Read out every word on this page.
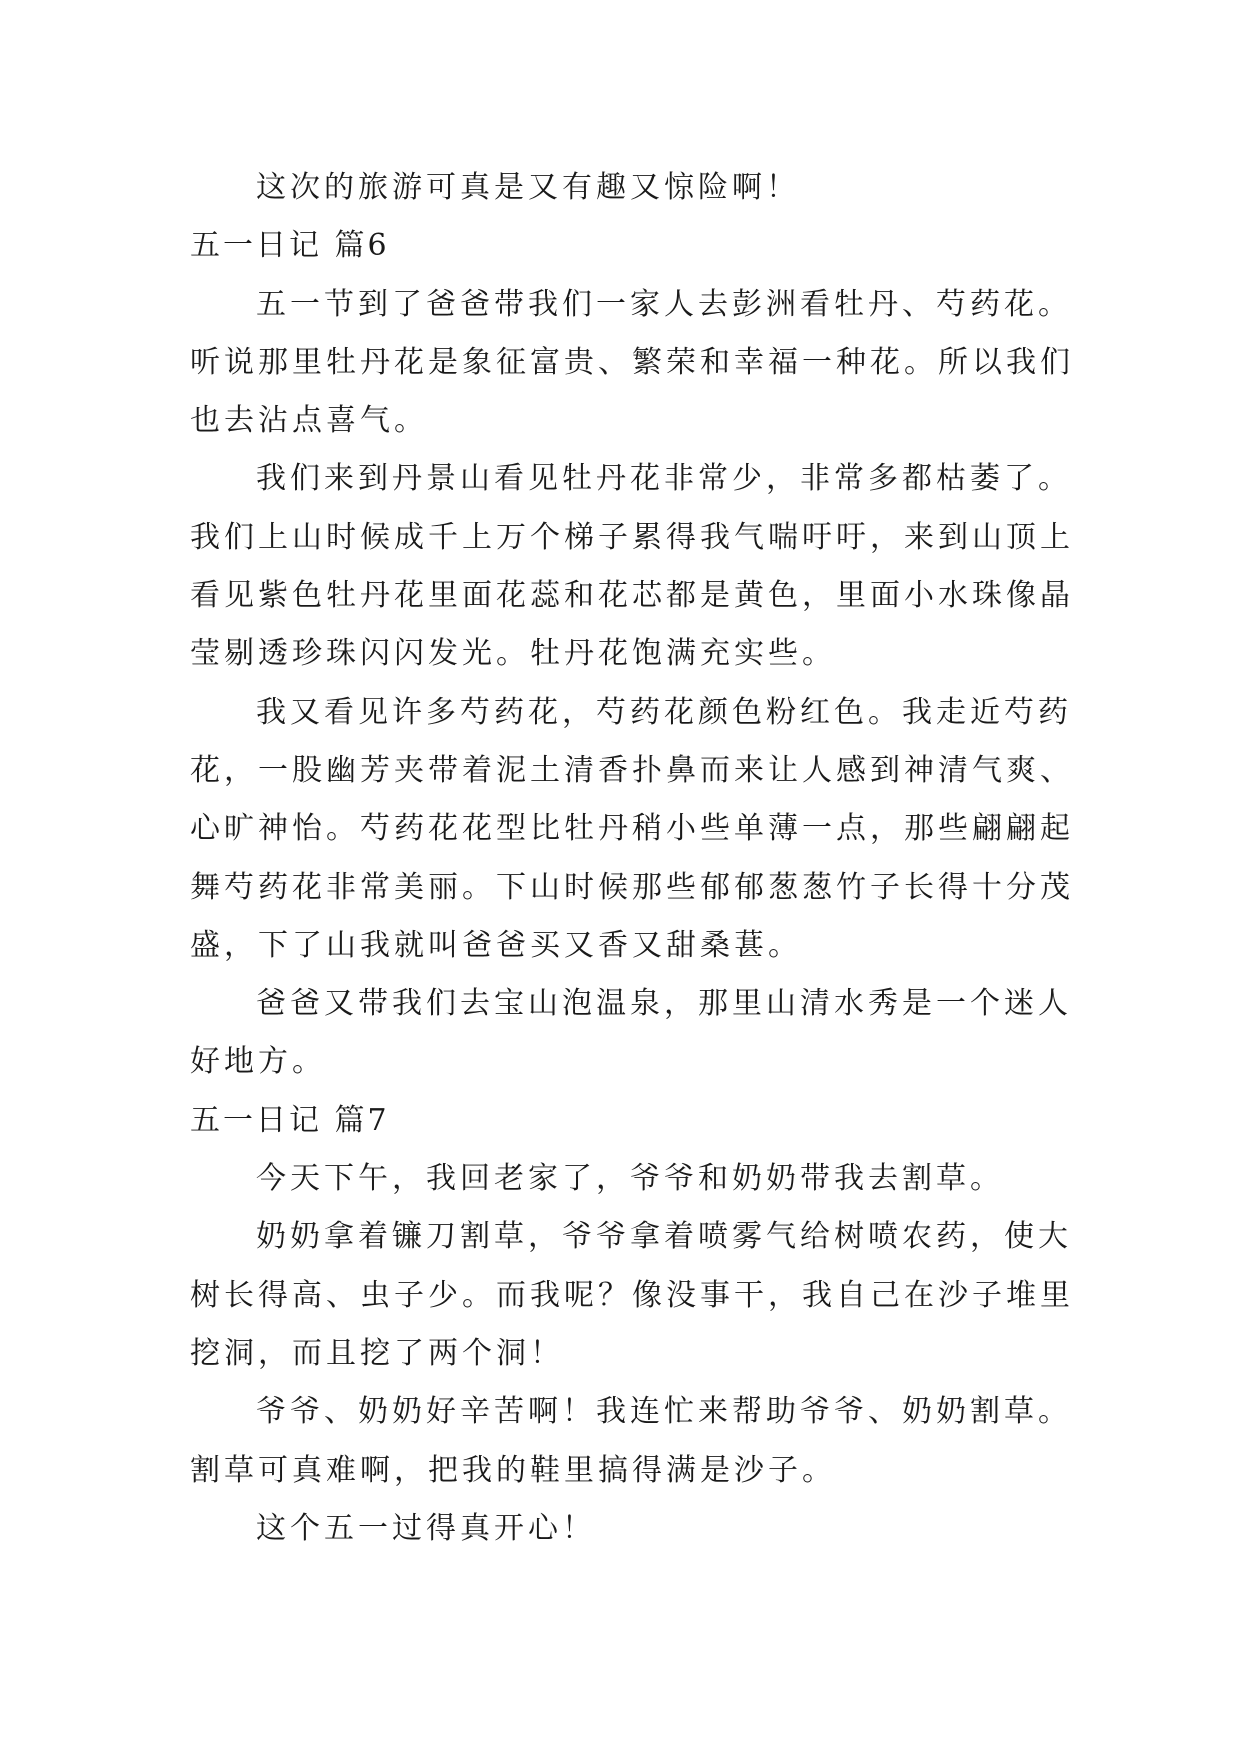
这次的旅游可真是又有趣又惊险啊！
五一日记 篇6
五一节到了爸爸带我们一家人去彭洲看牡丹、芍药花。
听说那里牡丹花是象征富贵、繁荣和幸福一种花。所以我们
也去沾点喜气。
我们来到丹景山看见牡丹花非常少，非常多都枯萎了。
我们上山时候成千上万个梯子累得我气喘吁吁，来到山顶上
看见紫色牡丹花里面花蕊和花芯都是黄色，里面小水珠像晶
莹剔透珍珠闪闪发光。牡丹花饱满充实些。
我又看见许多芍药花，芍药花颜色粉红色。我走近芍药
花，一股幽芳夹带着泥土清香扑鼻而来让人感到神清气爽、
心旷神怡。芍药花花型比牡丹稍小些单薄一点，那些翩翩起
舞芍药花非常美丽。下山时候那些郁郁葱葱竹子长得十分茂
盛，下了山我就叫爸爸买又香又甜桑葚。
爸爸又带我们去宝山泡温泉，那里山清水秀是一个迷人
好地方。
五一日记 篇7
今天下午，我回老家了，爷爷和奶奶带我去割草。
奶奶拿着镰刀割草，爷爷拿着喷雾气给树喷农药，使大
树长得高、虫子少。而我呢？像没事干，我自己在沙子堆里
挖洞，而且挖了两个洞！
爷爷、奶奶好辛苦啊！我连忙来帮助爷爷、奶奶割草。
割草可真难啊，把我的鞋里搞得满是沙子。
这个五一过得真开心！
